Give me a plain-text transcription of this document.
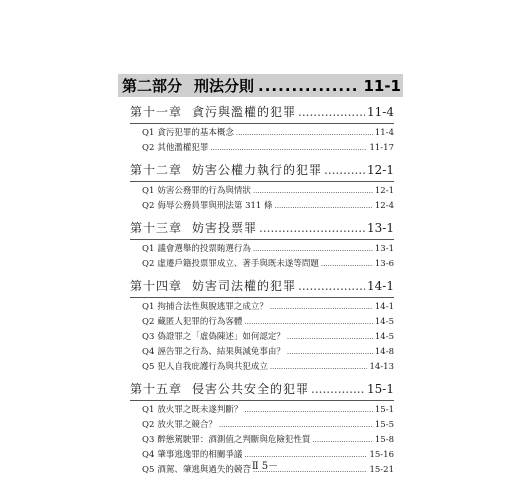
第二部分 刑法分則 .....	11-1
第十一章 貪污與濫權的犯罪 .....	11-4
Q1 貪污犯罪的基本概念 .....	11-4
Q2 其他濫權犯罪 .....	11-17
第十二章 妨害公權力執行的犯罪 .....	12-1
Q1 妨害公務罪的行為與情狀 .....	12-1
Q2 侮辱公務員罪與刑法第 311 條 .....	12-4
第十三章 妨害投票罪 .....	13-1
Q1 議會選舉的投票賄選行為 .....	13-1
Q2 虛遷戶籍投票罪成立、著手與既未遂等問題 .....	13-6
第十四章 妨害司法權的犯罪 .....	14-1
Q1 拘捕合法性與脫逃罪之成立？ .....	14-1
Q2 藏匿人犯罪的行為客體 .....	14-5
Q3 偽證罪之「虛偽陳述」如何認定？ .....	14-5
Q4 誣告罪之行為、結果與減免事由？ .....	14-8
Q5 犯人自我庇護行為與共犯成立 .....	14-13
第十五章 侵害公共安全的犯罪 .....	15-1
Q1 放火罪之既未遂判斷？ .....	15-1
Q2 放火罪之競合？ .....	15-5
Q3 醉態駕駛罪：酒測值之判斷與危險犯性質 .....	15-8
Q4 肇事逃逸罪的相關爭議 .....	15-16
Q5 酒駕、肇逃與過失的競合 .....	15-21
－Ⅱ 5－
